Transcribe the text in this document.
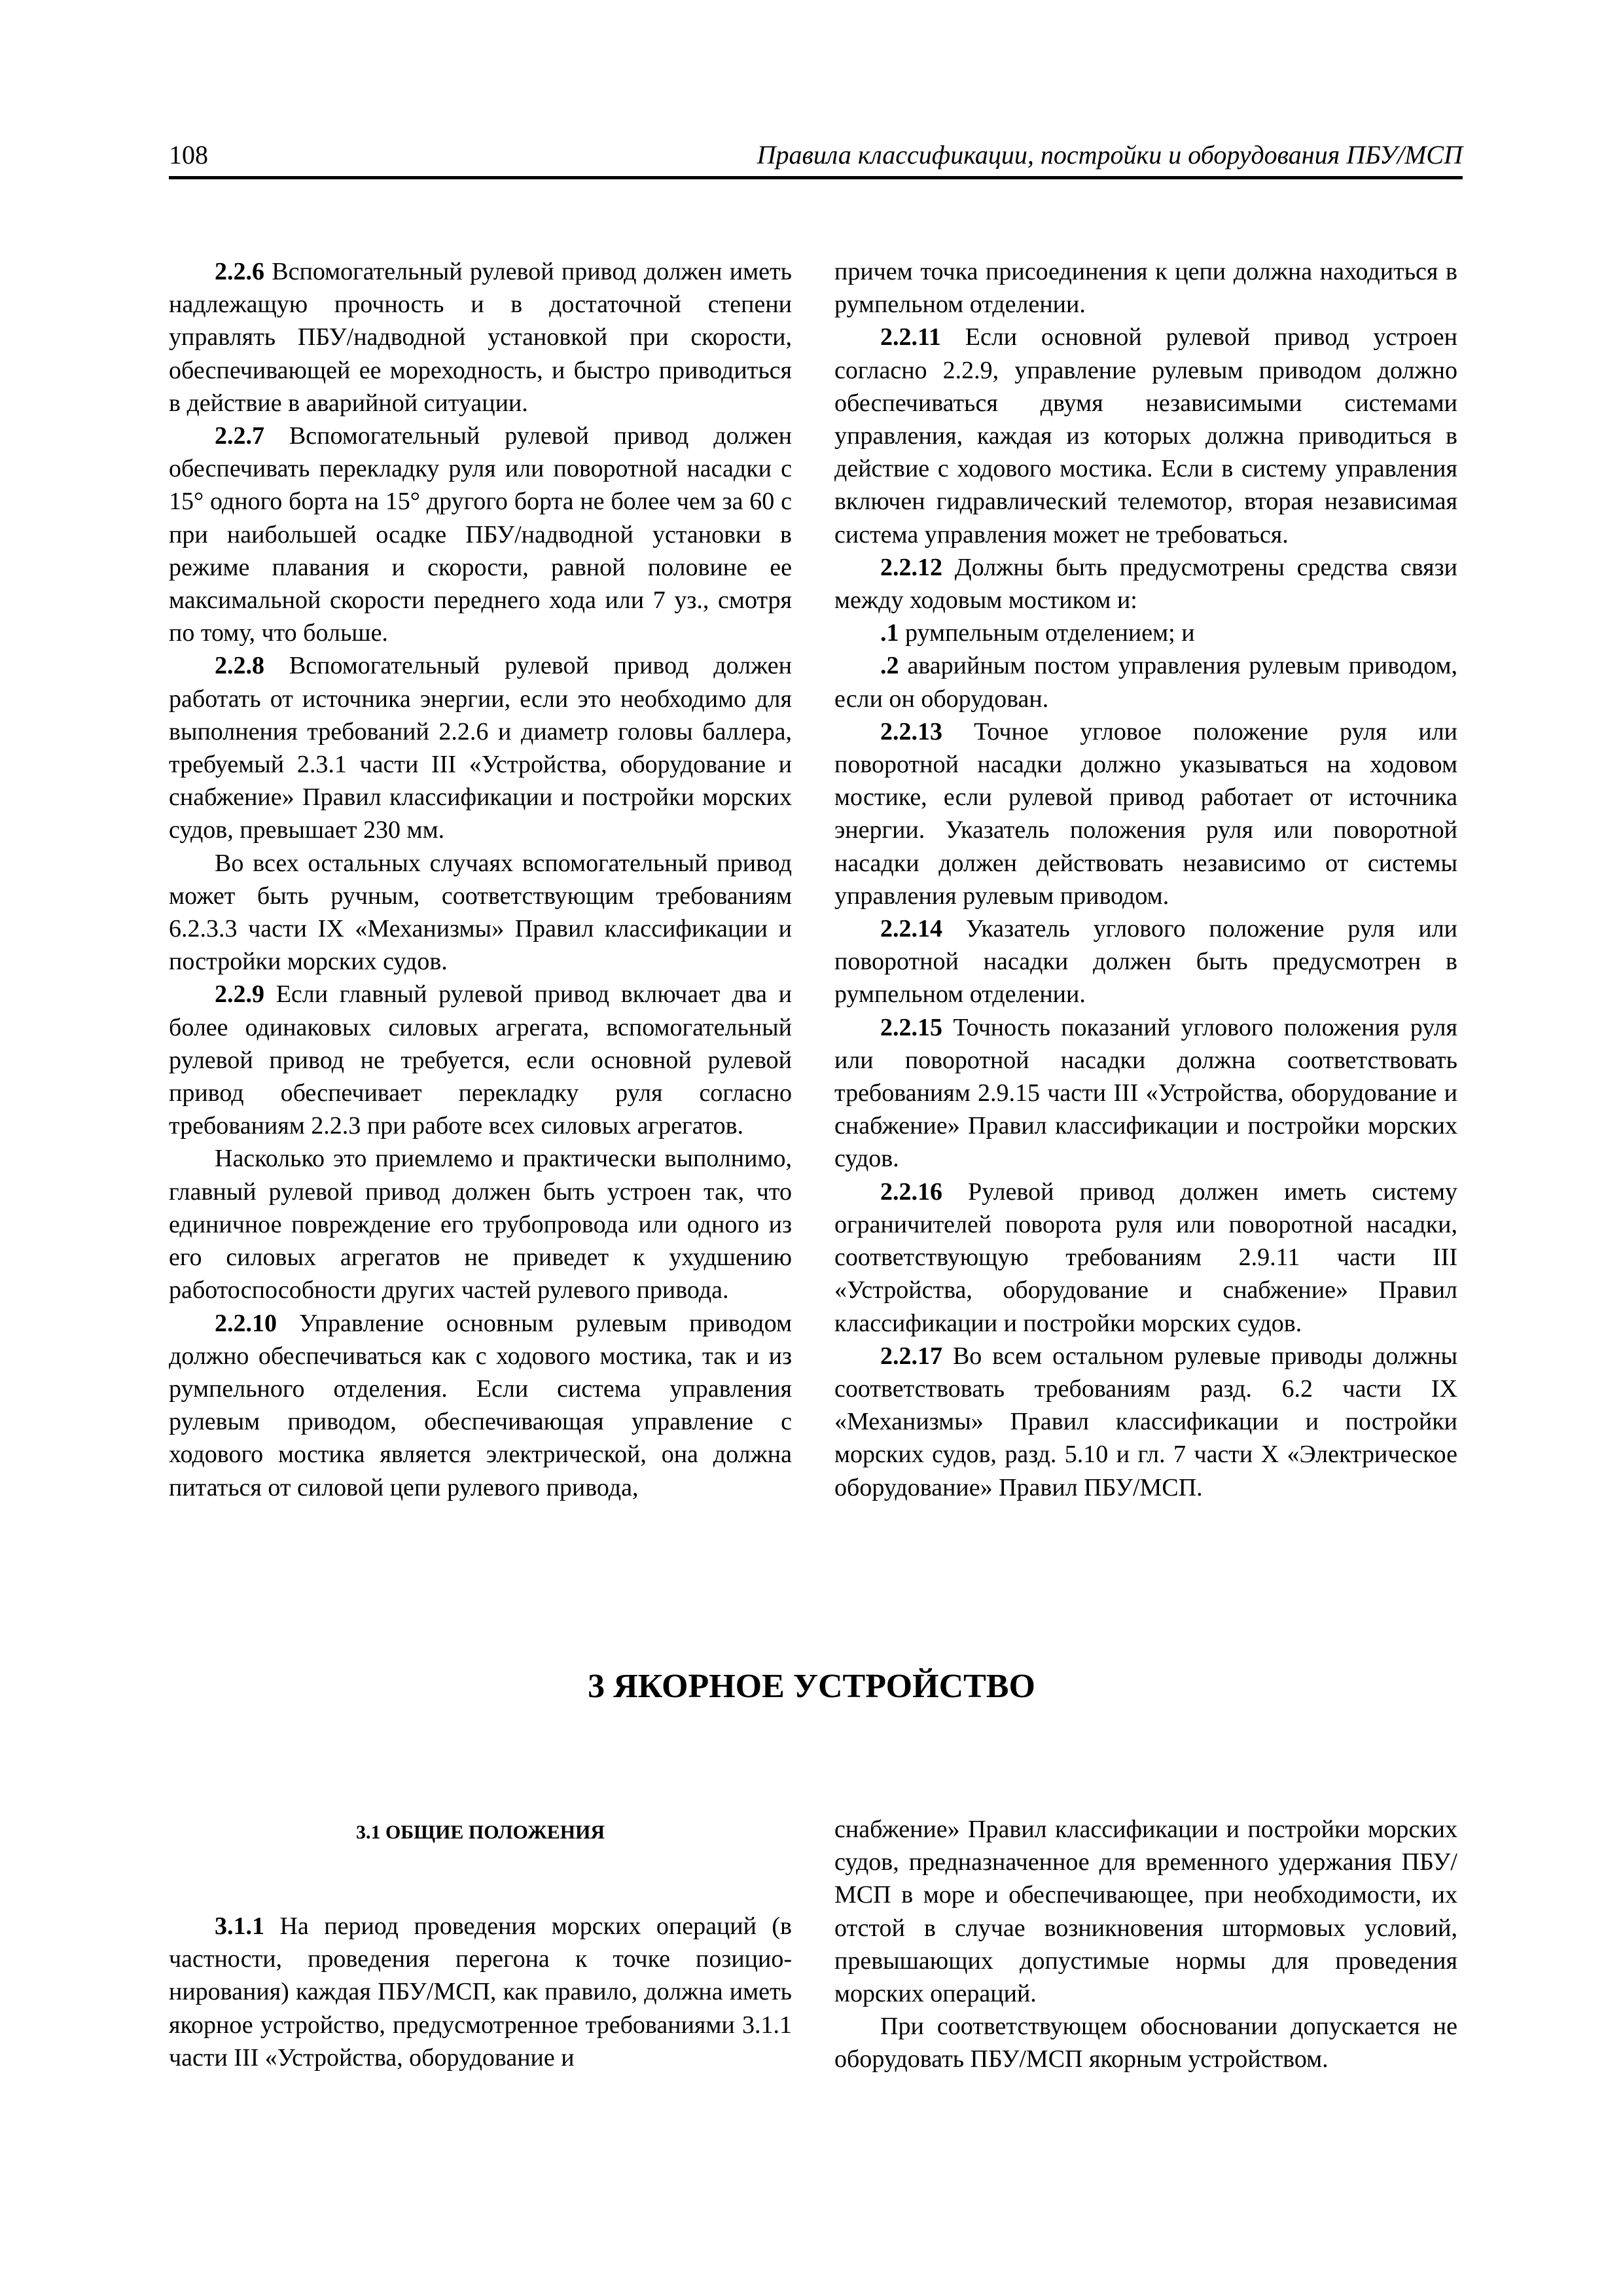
108	Правила классификации, постройки и оборудования ПБУ/МСП

2.2.6 Вспомогательный рулевой привод должен иметь надлежащую прочность и в достаточной степени управлять ПБУ/надводной установкой при скорости, обеспечивающей ее мореходность, и быстро приводиться в действие в аварийной ситуации.

2.2.7 Вспомогательный рулевой привод должен обеспечивать перекладку руля или поворотной насадки с 15° одного борта на 15° другого борта не более чем за 60 с при наибольшей осадке ПБУ/надводной установки в режиме плавания и скорости, равной половине ее максимальной скорости переднего хода или 7 уз., смотря по тому, что больше.

2.2.8 Вспомогательный рулевой привод должен работать от источника энергии, если это необходимо для выполнения требований 2.2.6 и диаметр головы баллера, требуемый 2.3.1 части III «Устройства, оборудование и снабжение» Правил классификации и постройки морских судов, превышает 230 мм.

Во всех остальных случаях вспомогательный привод может быть ручным, соответствующим требованиям 6.2.3.3 части IX «Механизмы» Правил классификации и постройки морских судов.

2.2.9 Если главный рулевой привод включает два и более одинаковых силовых агрегата, вспомогательный рулевой привод не требуется, если основной рулевой привод обеспечивает перекладку руля согласно требованиям 2.2.3 при работе всех силовых агрегатов.

Насколько это приемлемо и практически выполнимо, главный рулевой привод должен быть устроен так, что единичное повреждение его трубопровода или одного из его силовых агрегатов не приведет к ухудшению работоспособности других частей рулевого привода.

2.2.10 Управление основным рулевым приводом должно обеспечиваться как с ходового мостика, так и из румпельного отделения. Если система управления рулевым приводом, обеспечивающая управление с ходового мостика является электрической, она должна питаться от силовой цепи рулевого привода,

причем точка присоединения к цепи должна находиться в румпельном отделении.

2.2.11 Если основной рулевой привод устроен согласно 2.2.9, управление рулевым приводом должно обеспечиваться двумя независимыми системами управления, каждая из которых должна приводиться в действие с ходового мостика. Если в систему управления включен гидравлический телемотор, вторая независимая система управления может не требоваться.

2.2.12 Должны быть предусмотрены средства связи между ходовым мостиком и:

.1 румпельным отделением; и

.2 аварийным постом управления рулевым приводом, если он оборудован.

2.2.13 Точное угловое положение руля или поворотной насадки должно указываться на ходовом мостике, если рулевой привод работает от источника энергии. Указатель положения руля или поворотной насадки должен действовать независимо от системы управления рулевым приводом.

2.2.14 Указатель углового положение руля или поворотной насадки должен быть предусмотрен в румпельном отделении.

2.2.15 Точность показаний углового положения руля или поворотной насадки должна соответствовать требованиям 2.9.15 части III «Устройства, оборудование и снабжение» Правил классификации и постройки морских судов.

2.2.16 Рулевой привод должен иметь систему ограничителей поворота руля или поворотной насадки, соответствующую требованиям 2.9.11 части III «Устройства, оборудование и снабжение» Правил классификации и постройки морских судов.

2.2.17 Во всем остальном рулевые приводы должны соответствовать требованиям разд. 6.2 части IX «Механизмы» Правил классификации и постройки морских судов, разд. 5.10 и гл. 7 части X «Электрическое оборудование» Правил ПБУ/МСП.

3 ЯКОРНОЕ УСТРОЙСТВО

3.1 ОБЩИЕ ПОЛОЖЕНИЯ

3.1.1 На период проведения морских операций (в частности, проведения перегона к точке позиционирования) каждая ПБУ/МСП, как правило, должна иметь якорное устройство, предусмотренное требованиями 3.1.1 части III «Устройства, оборудование и

снабжение» Правил классификации и постройки морских судов, предназначенное для временного удержания ПБУ/МСП в море и обеспечивающее, при необходимости, их отстой в случае возникновения штормовых условий, превышающих допустимые нормы для проведения морских операций.

При соответствующем обосновании допускается не оборудовать ПБУ/МСП якорным устройством.
